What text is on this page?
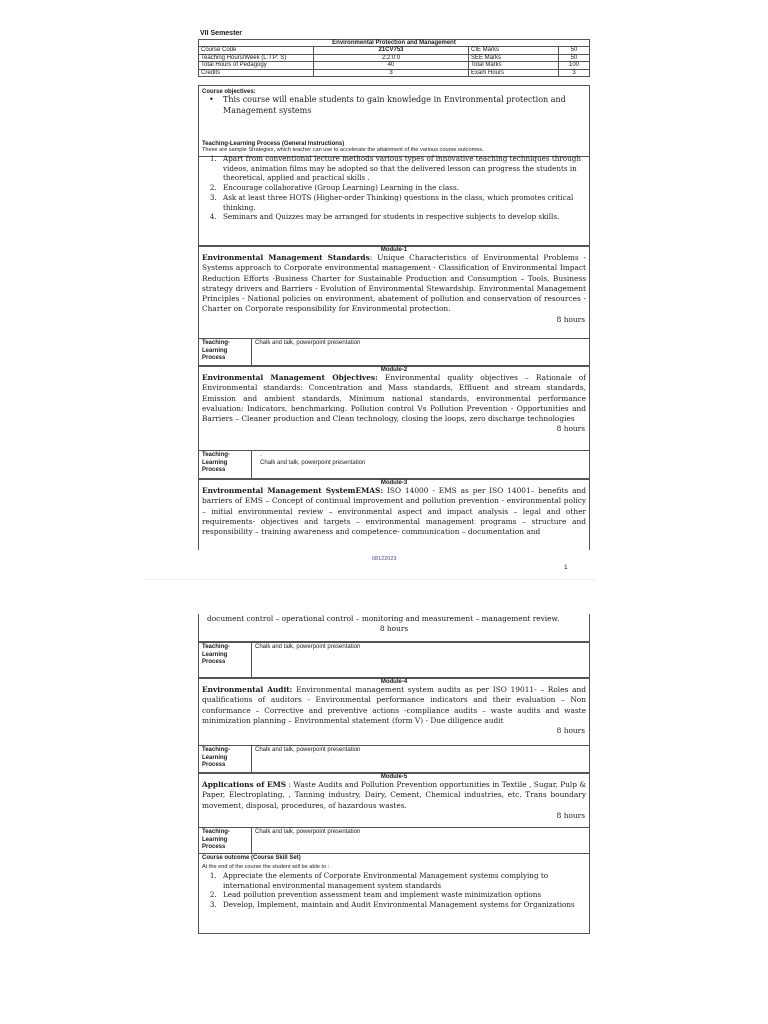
VII Semester
Environmental Protection and Management			
Course Code	21CV753	CIE Marks	50
Teaching Hours/Week (L:T:P: S)	2:2:0:0	SEE Marks	50
Total Hours of Pedagogy	40	Total Marks	100
Credits	3	Exam Hours	3
Course objectives:
•	This course will enable students to gain knowledge in Environmental protection and Management systems
Teaching-Learning Process (General Instructions)
These are sample Strategies, which teacher can use to accelerate the attainment of the various course outcomes.
1. Apart from conventional lecture methods various types of innovative teaching techniques through videos, animation films may be adopted so that the delivered lesson can progress the students in theoretical, applied and practical skills .
2. Encourage collaborative (Group Learning) Learning in the class.
3. Ask at least three HOTS (Higher-order Thinking) questions in the class, which promotes critical thinking.
4. Seminars and Quizzes may be arranged for students in respective subjects to develop skills.
Module-1
Environmental Management Standards: Unique Characteristics of Environmental Problems - Systems approach to Corporate environmental management - Classification of Environmental Impact Reduction Efforts -Business Charter for Sustainable Production and Consumption – Tools, Business strategy drivers and Barriers - Evolution of Environmental Stewardship. Environmental Management Principles - National policies on environment, abatement of pollution and conservation of resources - Charter on Corporate responsibility for Environmental protection.
8 hours
Teaching-Learning Process
Chalk and talk, powerpoint presentation
Module-2
Environmental Management Objectives: Environmental quality objectives – Rationale of Environmental standards: Concentration and Mass standards, Effluent and stream standards, Emission and ambient standards, Minimum national standards, environmental performance evaluation: Indicators, benchmarking. Pollution control Vs Pollution Prevention - Opportunities and Barriers – Cleaner production and Clean technology, closing the loops, zero discharge technologies
8 hours
Teaching-Learning Process
.
Chalk and talk, powerpoint presentation
Module-3
Environmental Management SystemEMAS: ISO 14000 - EMS as per ISO 14001– benefits and barriers of EMS – Concept of continual improvement and pollution prevention - environmental policy – initial environmental review – environmental aspect and impact analysis – legal and other requirements- objectives and targets – environmental management programs – structure and responsibility – training awareness and competence- communication – documentation and
08122023
1
document control – operational control – monitoring and measurement – management review.
8 hours
Teaching-Learning Process
Chalk and talk, powerpoint presentation
Module-4
Environmental Audit: Environmental management system audits as per ISO 19011- – Roles and qualifications of auditors - Environmental performance indicators and their evaluation – Non conformance – Corrective and preventive actions -compliance audits – waste audits and waste minimization planning – Environmental statement (form V) - Due diligence audit
8 hours
Teaching-Learning Process
Chalk and talk, powerpoint presentation
Module-5
Applications of EMS : Waste Audits and Pollution Prevention opportunities in Textile , Sugar, Pulp & Paper, Electroplating, , Tanning industry, Dairy, Cement, Chemical industries, etc. Trans boundary movement, disposal, procedures, of hazardous wastes.
8 hours
Teaching-Learning Process
Chalk and talk, powerpoint presentation
Course outcome (Course Skill Set)
At the end of the course the student will be able to :
1. Appreciate the elements of Corporate Environmental Management systems complying to international environmental management system standards
2. Lead pollution prevention assessment team and implement waste minimization options
3. Develop, Implement, maintain and Audit Environmental Management systems for Organizations
